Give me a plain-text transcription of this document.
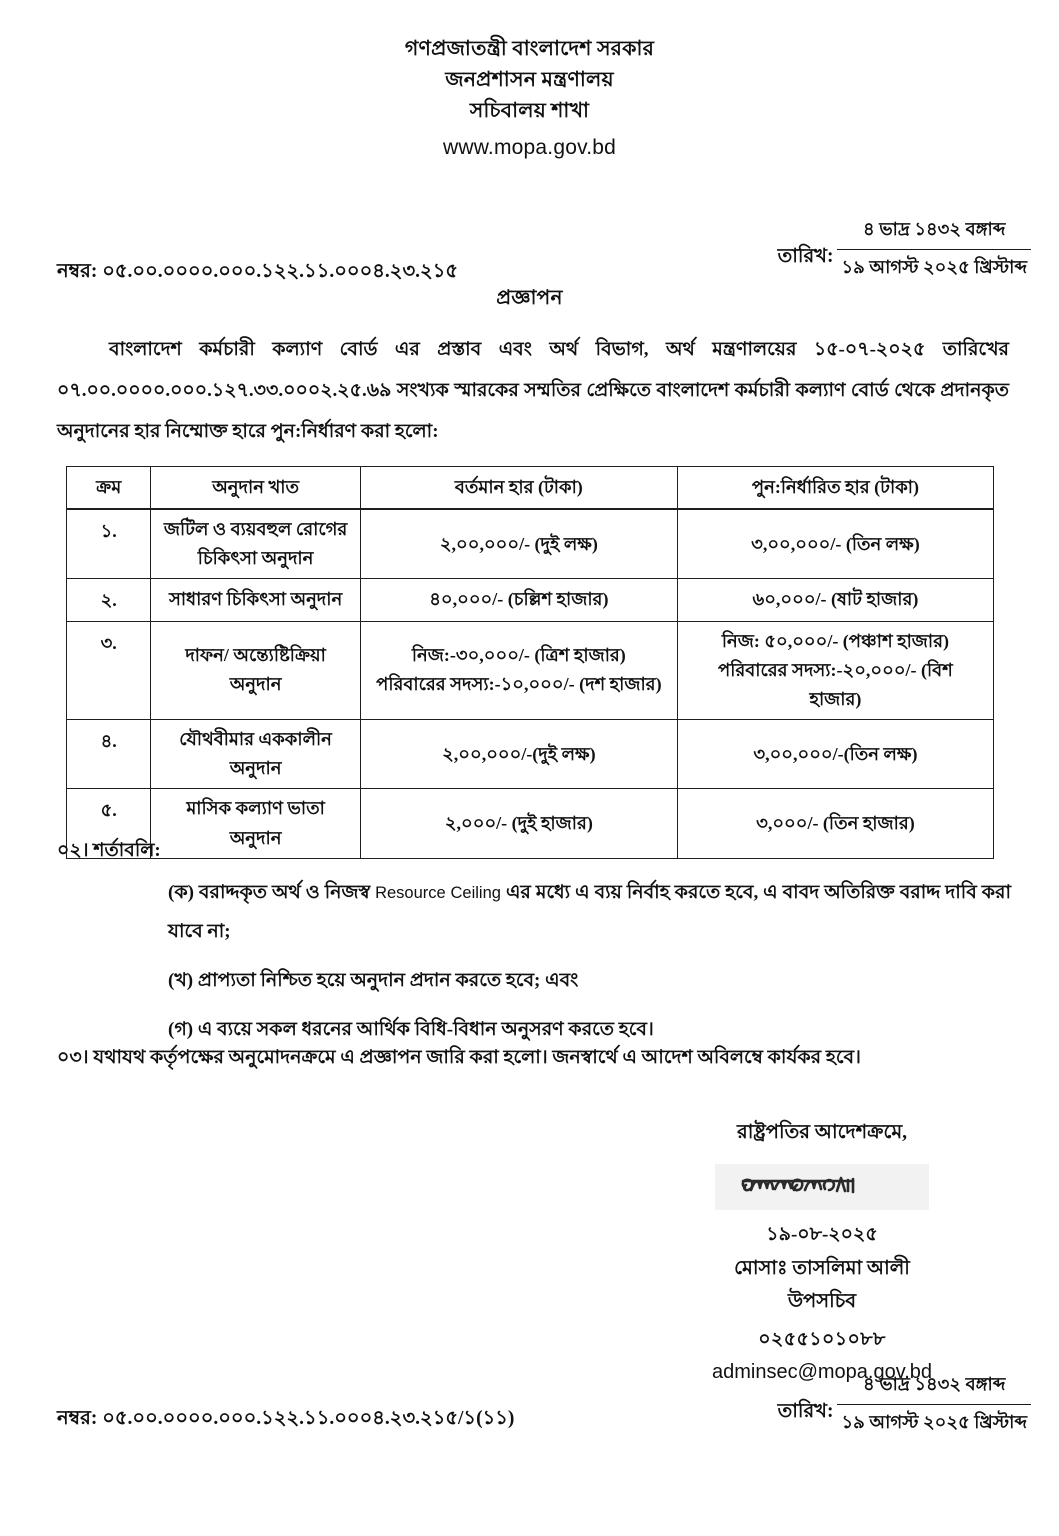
গণপ্রজাতন্ত্রী বাংলাদেশ সরকার
জনপ্রশাসন মন্ত্রণালয়
সচিবালয় শাখা
www.mopa.gov.bd
নম্বর: ০৫.০০.০০০০.০০০.১২২.১১.০০০৪.২৩.২১৫
তারিখ:
৪ ভাদ্র ১৪৩২ বঙ্গাব্দ
১৯ আগস্ট ২০২৫ খ্রিস্টাব্দ
প্রজ্ঞাপন
বাংলাদেশ কর্মচারী কল্যাণ বোর্ড এর প্রস্তাব এবং অর্থ বিভাগ, অর্থ মন্ত্রণালয়ের ১৫-০৭-২০২৫ তারিখের ০৭.০০.০০০০.০০০.১২৭.৩৩.০০০২.২৫.৬৯ সংখ্যক স্মারকের সম্মতির প্রেক্ষিতে বাংলাদেশ কর্মচারী কল্যাণ বোর্ড থেকে প্রদানকৃত অনুদানের হার নিম্মোক্ত হারে পুন:নির্ধারণ করা হলো:
ক্রম	অনুদান খাত	বর্তমান হার (টাকা)	পুন:নির্ধারিত হার (টাকা)
১.	জটিল ও ব্যয়বহুল রোগের
চিকিৎসা অনুদান	২,০০,০০০/- (দুই লক্ষ)	৩,০০,০০০/- (তিন লক্ষ)

২.	সাধারণ চিকিৎসা অনুদান	৪০,০০০/- (চল্লিশ হাজার)	৬০,০০০/- (ষাট হাজার)

৩.	দাফন/ অন্ত্যেষ্টিক্রিয়া
অনুদান	নিজ:-৩০,০০০/- (ত্রিশ হাজার)
পরিবারের সদস্য:-১০,০০০/- (দশ হাজার)	নিজ: ৫০,০০০/- (পঞ্চাশ হাজার)
পরিবারের সদস্য:-২০,০০০/- (বিশ
হাজার)

৪.	যৌথবীমার এককালীন
অনুদান	২,০০,০০০/-(দুই লক্ষ)	৩,০০,০০০/-(তিন লক্ষ)

৫.	মাসিক কল্যাণ ভাতা
অনুদান	২,০০০/- (দুই হাজার)	৩,০০০/- (তিন হাজার)
০২। শর্তাবলি:
(ক) বরাদ্দকৃত অর্থ ও নিজস্ব Resource Ceiling এর মধ্যে এ ব্যয় নির্বাহ করতে হবে, এ বাবদ অতিরিক্ত বরাদ্দ দাবি করা যাবে না;
(খ) প্রাপ্যতা নিশ্চিত হয়ে অনুদান প্রদান করতে হবে; এবং
(গ) এ ব্যয়ে সকল ধরনের আর্থিক বিধি-বিধান অনুসরণ করতে হবে।
০৩। যথাযথ কর্তৃপক্ষের অনুমোদনক্রমে এ প্রজ্ঞাপন জারি করা হলো। জনস্বার্থে এ আদেশ অবিলম্বে কার্যকর হবে।
রাষ্ট্রপতির আদেশক্রমে,
১৯-০৮-২০২৫
মোসাঃ তাসলিমা আলী
উপসচিব
০২৫৫১০১০৮৮
adminsec@mopa.gov.bd
নম্বর: ০৫.০০.০০০০.০০০.১২২.১১.০০০৪.২৩.২১৫/১(১১)	তারিখ:
৪ ভাদ্র ১৪৩২ বঙ্গাব্দ
১৯ আগস্ট ২০২৫ খ্রিস্টাব্দ
